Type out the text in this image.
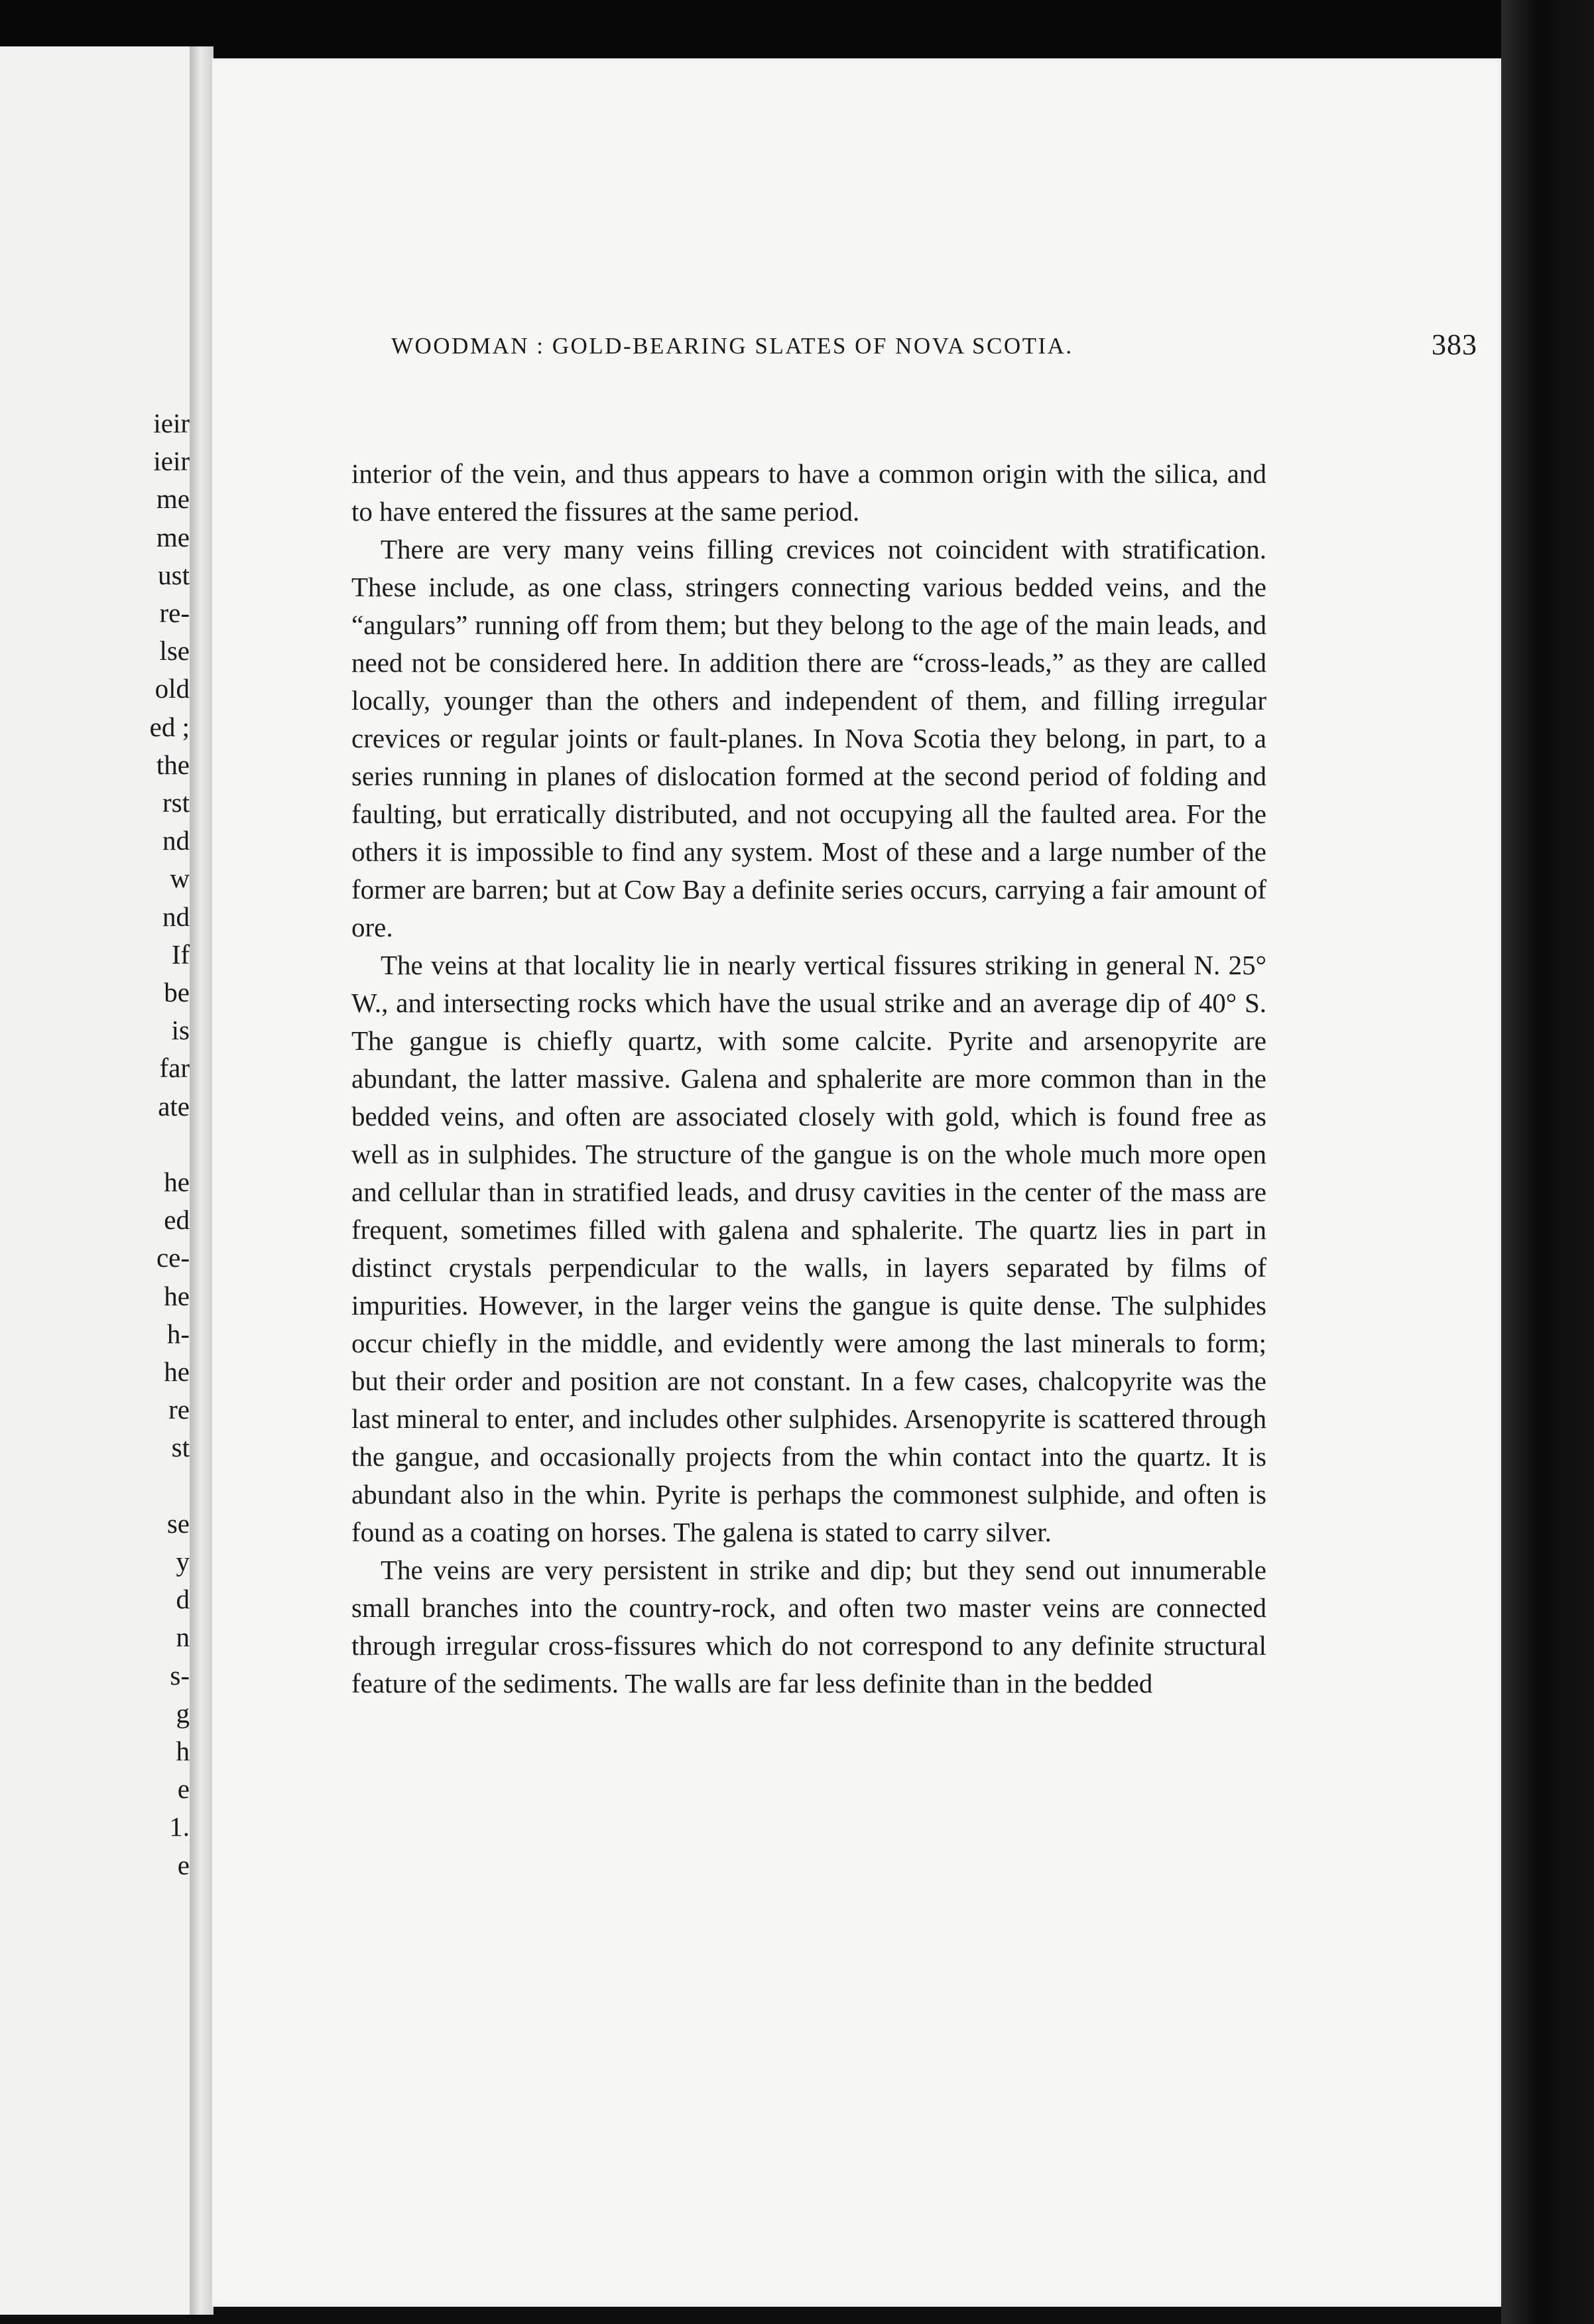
ieir
ieir
me
me
ust
re-
lse
old
ed ;
the
rst
nd
w
nd
If
be
is
far
ate
he
ed
ce-
he
h-
he
re
st
se
y
d
n
s-
g
h
e
1.
e
WOODMAN : GOLD-BEARING SLATES OF NOVA SCOTIA.	383

interior of the vein, and thus appears to have a common origin with the silica, and to have entered the fissures at the same period.

There are very many veins filling crevices not coincident with stratification. These include, as one class, stringers connecting various bedded veins, and the “angulars” running off from them; but they belong to the age of the main leads, and need not be considered here. In addition there are “cross-leads,” as they are called locally, younger than the others and independent of them, and filling irregular crevices or regular joints or fault-planes. In Nova Scotia they belong, in part, to a series running in planes of dislocation formed at the second period of folding and faulting, but erratically distributed, and not occupying all the faulted area. For the others it is impossible to find any system. Most of these and a large number of the former are barren; but at Cow Bay a definite series occurs, carrying a fair amount of ore.

The veins at that locality lie in nearly vertical fissures striking in general N. 25° W., and intersecting rocks which have the usual strike and an average dip of 40° S. The gangue is chiefly quartz, with some calcite. Pyrite and arsenopyrite are abundant, the latter massive. Galena and sphalerite are more common than in the bedded veins, and often are associated closely with gold, which is found free as well as in sulphides. The structure of the gangue is on the whole much more open and cellular than in stratified leads, and drusy cavities in the center of the mass are frequent, sometimes filled with galena and sphalerite. The quartz lies in part in distinct crystals perpendicular to the walls, in layers separated by films of impurities. However, in the larger veins the gangue is quite dense. The sulphides occur chiefly in the middle, and evidently were among the last minerals to form; but their order and position are not constant. In a few cases, chalcopyrite was the last mineral to enter, and includes other sulphides. Arsenopyrite is scattered through the gangue, and occasionally projects from the whin contact into the quartz. It is abundant also in the whin. Pyrite is perhaps the commonest sulphide, and often is found as a coating on horses. The galena is stated to carry silver.

The veins are very persistent in strike and dip; but they send out innumerable small branches into the country-rock, and often two master veins are connected through irregular cross-fissures which do not correspond to any definite structural feature of the sediments. The walls are far less definite than in the bedded
